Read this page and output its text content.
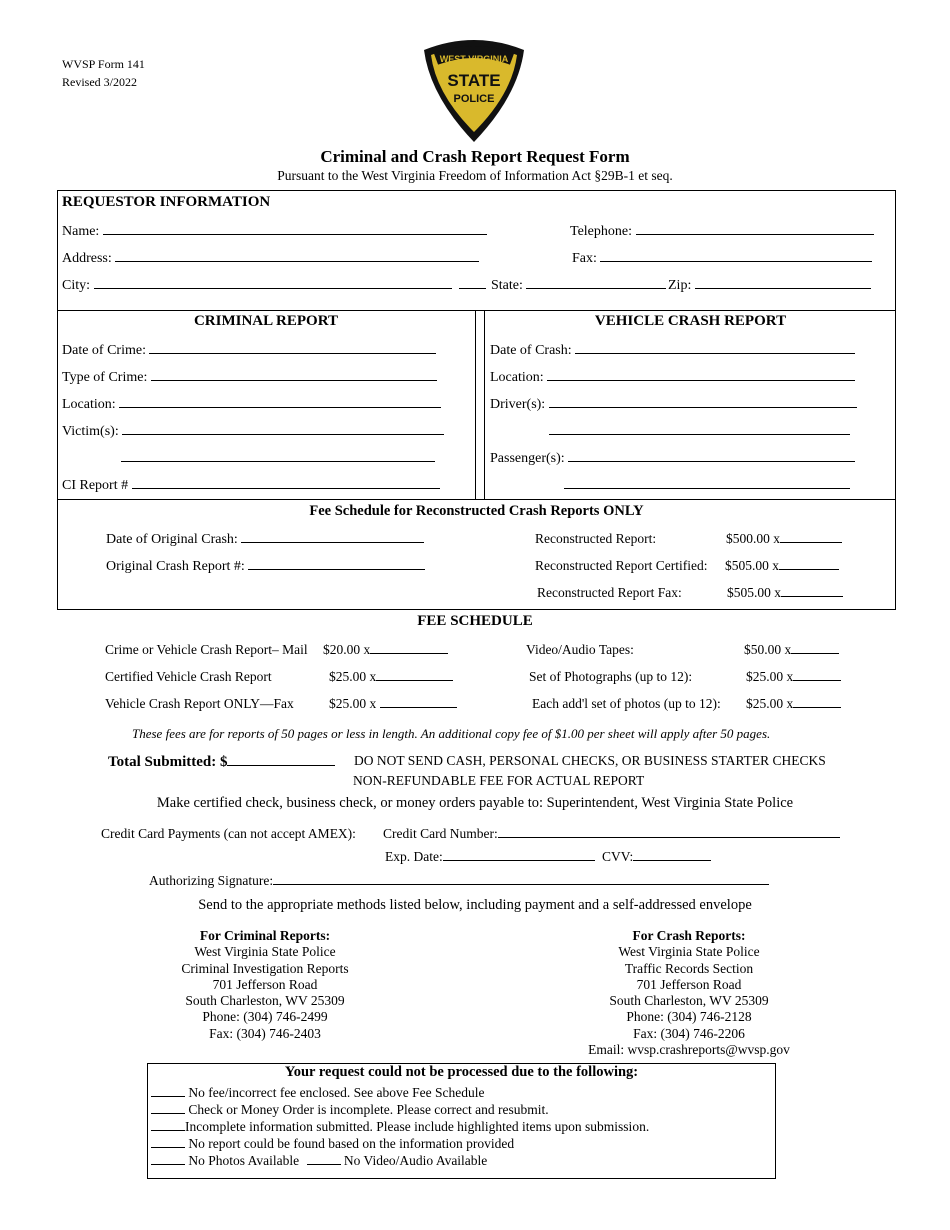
WVSP Form 141
Revised 3/2022
WEST VIRGINIA
STATE
POLICE
Criminal and Crash Report Request Form
Pursuant to the West Virginia Freedom of Information Act §29B-1 et seq.
REQUESTOR INFORMATION
Name:	Telephone:
Address:	Fax:
City:	State:	Zip:
CRIMINAL REPORT	VEHICLE CRASH REPORT
Date of Crime:
Type of Crime:
Location:
Victim(s):
CI Report #
Date of Crash:
Location:
Driver(s):
Passenger(s):
Fee Schedule for Reconstructed Crash Reports ONLY
Date of Original Crash:
Original Crash Report #:
Reconstructed Report:	$500.00 x
Reconstructed Report Certified: $505.00 x
Reconstructed Report Fax:	$505.00 x
FEE SCHEDULE
Crime or Vehicle Crash Report– Mail $20.00 x
Certified Vehicle Crash Report	$25.00 x
Vehicle Crash Report ONLY—Fax	$25.00 x
Video/Audio Tapes:	$50.00 x
Set of Photographs (up to 12):	$25.00 x
Each add'l set of photos (up to 12): $25.00 x
These fees are for reports of 50 pages or less in length. An additional copy fee of $1.00 per sheet will apply after 50 pages.
Total Submitted: $	DO NOT SEND CASH, PERSONAL CHECKS, OR BUSINESS STARTER CHECKS
NON-REFUNDABLE FEE FOR ACTUAL REPORT
Make certified check, business check, or money orders payable to: Superintendent, West Virginia State Police
Credit Card Payments (can not accept AMEX): Credit Card Number:
Exp. Date:	CVV:
Authorizing Signature:
Send to the appropriate methods listed below, including payment and a self-addressed envelope
For Criminal Reports:
West Virginia State Police
Criminal Investigation Reports
701 Jefferson Road
South Charleston, WV 25309
Phone: (304) 746-2499
Fax: (304) 746-2403
For Crash Reports:
West Virginia State Police
Traffic Records Section
701 Jefferson Road
South Charleston, WV 25309
Phone: (304) 746-2128
Fax: (304) 746-2206
Email: wvsp.crashreports@wvsp.gov
Your request could not be processed due to the following:
No fee/incorrect fee enclosed. See above Fee Schedule
Check or Money Order is incomplete. Please correct and resubmit.
Incomplete information submitted. Please include highlighted items upon submission.
No report could be found based on the information provided
No Photos Available	No Video/Audio Available
